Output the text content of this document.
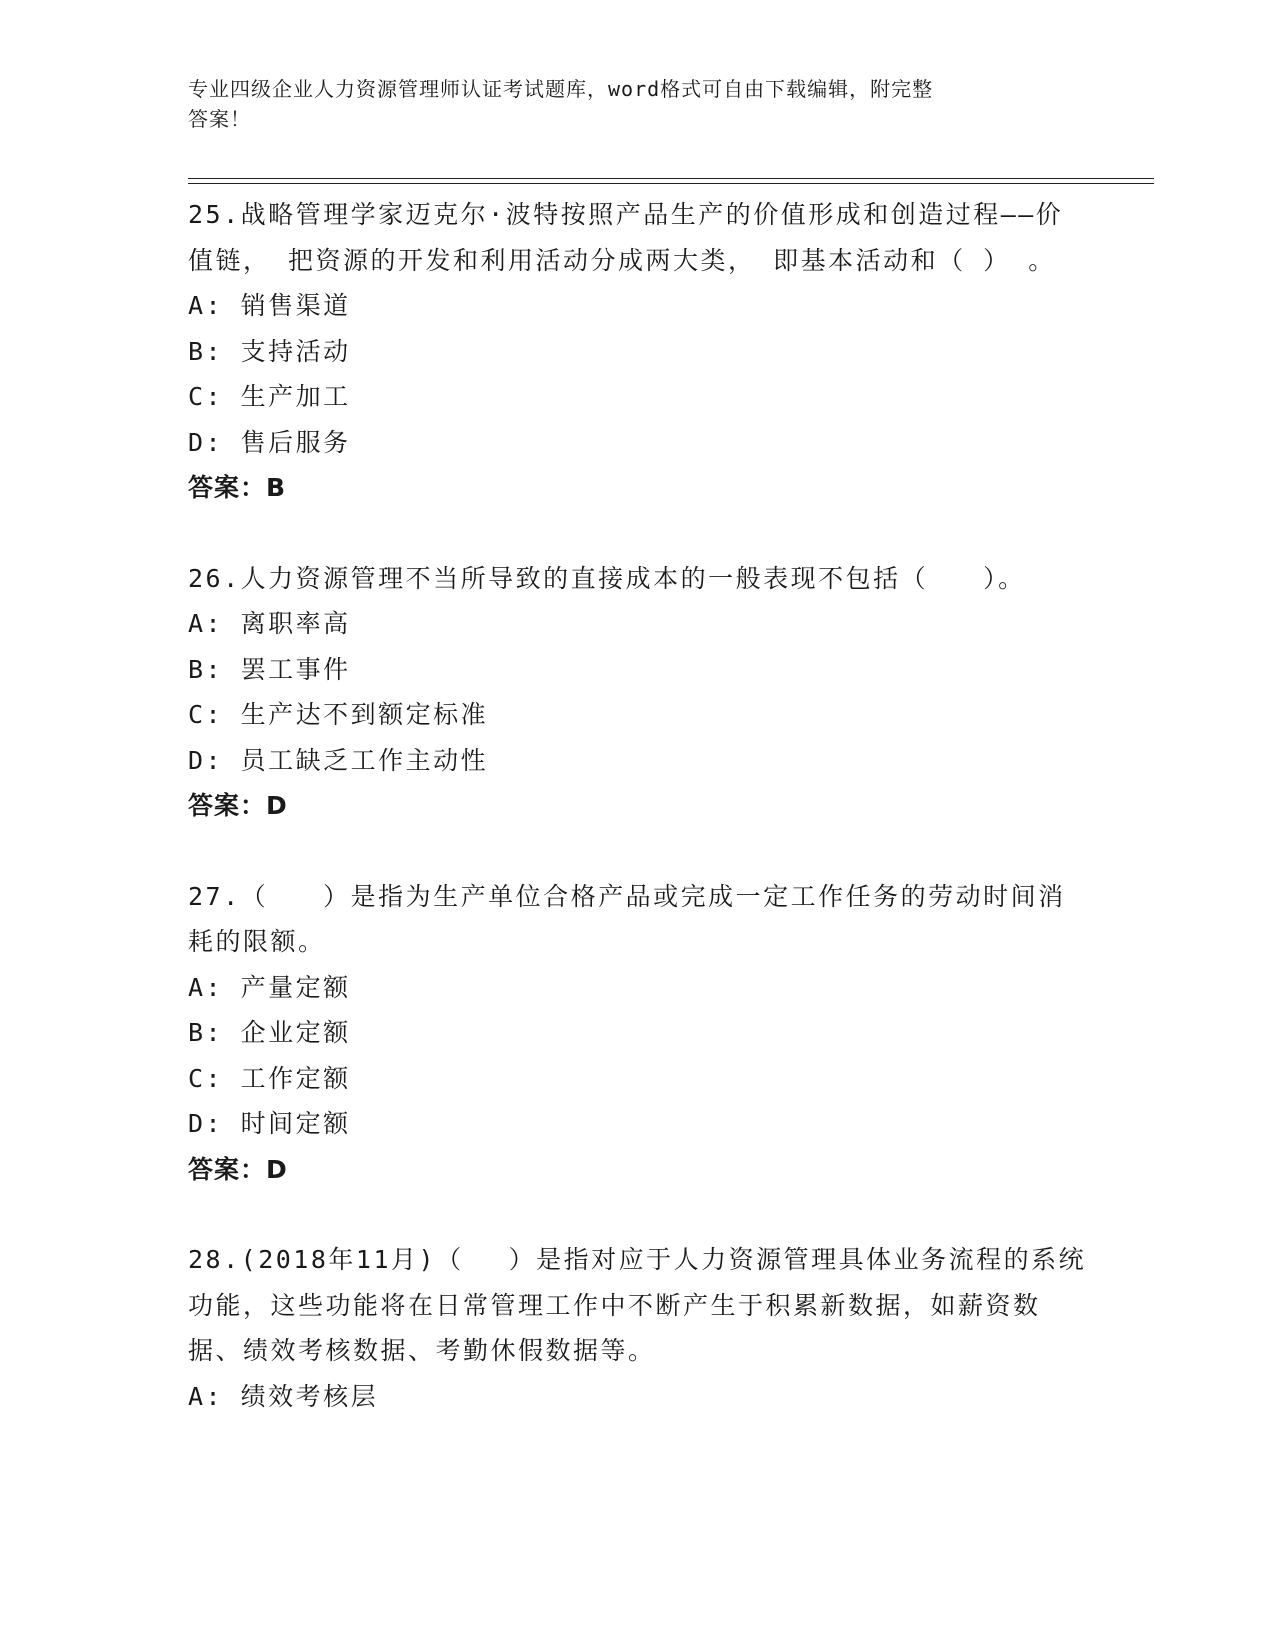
专业四级企业人力资源管理师认证考试题库，word格式可自由下载编辑，附完整
答案！

25.战略管理学家迈克尔·波特按照产品生产的价值形成和创造过程——价值链， 把资源的开发和利用活动分成两大类， 即基本活动和（ ） 。

A: 销售渠道
B: 支持活动
C: 生产加工
D: 售后服务
答案：B

26.人力资源管理不当所导致的直接成本的一般表现不包括（　　）。

A: 离职率高
B: 罢工事件
C: 生产达不到额定标准
D: 员工缺乏工作主动性
答案：D

27.（　　）是指为生产单位合格产品或完成一定工作任务的劳动时间消耗的限额。

A: 产量定额
B: 企业定额
C: 工作定额
D: 时间定额
答案：D

28.(2018年11月)（　 ）是指对应于人力资源管理具体业务流程的系统功能，这些功能将在日常管理工作中不断产生于积累新数据，如薪资数据、绩效考核数据、考勤休假数据等。

A: 绩效考核层
